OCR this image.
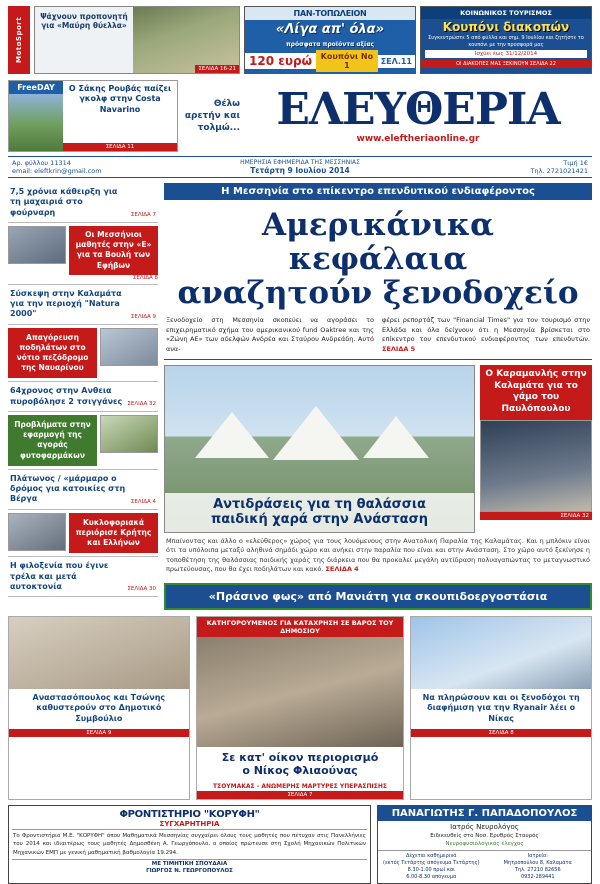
MotoSport
Ψάχνουν προπονητή για «Μαύρη θύελλα»
ΣΕΛΙΔΑ 16-21
ΠΑΝ-ΤΟΠΩΛΕΙΟΝ
«Λίγα απ' όλα»
πρόσφατα προϊόντα αξίας
120 ευρώ	Κουπόνι Νο 1	ΣΕΛ.11
ΚΟΙΝΩΝΙΚΟΣ ΤΟΥΡΙΣΜΟΣ
Κουπόνι διακοπών
Συγκεντρώστε 5 από φύλλα και σημ. 9 Ιουλίου και ζητήστε το κουπόνι με την προσφορά μας
Ισχύει έως 31/12/2014
ΟΙ ΔΙΑΚΟΠΕΣ ΜΑΣ ΞΕΚΙΝΟΥΝ ΣΕΛΙΔΑ 22
FreeDAY	Ο Σάκης Ρουβάς παίζει γκολφ στην Costa Navarino
ΣΕΛΙΔΑ 11
Θέλω αρετήν και τολμώ... ΕΛΕΥΘΕΡΙΑ
www.eleftheriaonline.gr
Αρ. φύλλου 11314
email: eleftkrin@gmail.com
ΗΜΕΡΗΣΙΑ ΕΦΗΜΕΡΙΔΑ ΤΗΣ ΜΕΣΣΗΝΙΑΣ
Τετάρτη 9 Ιουλίου 2014
Τιμή 1€
Τηλ. 2721021421
7,5 χρόνια κάθειρξη για τη μαχαιριά στο φούρναρη	ΣΕΛΙΔΑ 7
Οι Μεσσήνιοι μαθητές στην «Ε» για τα Βουλή των Εφήβων
ΣΕΛΙΔΑ 8
Σύσκεψη στην Καλαμάτα για την περιοχή "Natura 2000"	ΣΕΛΙΔΑ 9
Απαγόρευση ποδηλάτων στο νότιο πεζόδρομο της Ναυαρίνου
64χρονος στην Ανθεια πυροβόλησε 2 τσιγγάνες ΣΕΛΙΔΑ 32
Προβλήματα στην εφαρμογή της αγοράς φυτοφαρμάκων
Πλάτωνος / «μάρμαρο ο δρόμος για κατοικίες στη Βέργα	ΣΕΛΙΔΑ 4
Κυκλοφοριακά περιόρισε Κρήτης και Ελλήνων
Η φιλοξενία που έγινε τρέλα και μετά αυτοκτονία	ΣΕΛΙΔΑ 30
Η Μεσσηνία στο επίκεντρο επενδυτικού ενδιαφέροντος
Αμερικάνικα κεφάλαια
αναζητούν ξενοδοχείο
Ξενοδοχείο στη Μεσσηνία σκοπεύει να αγοράσει το επιχειρηματικό σχήμα του αμερικανικού fund Oaktree και της «Ζώνη ΑΕ» των αδελφών Ανδρέα και Σταύρου Ανδρεάδη. Αυτό ανα-
φέρει ρεπορτάζ των "Financial Times" για τον τουρισμό στην Ελλάδα και όλα δείχνουν ότι η Μεσσηνία βρίσκεται στο επίκεντρο του επενδυτικού ενδιαφέροντος των επενδυτών. ΣΕΛΙΔΑ 5
Αντιδράσεις για τη θαλάσσια
παιδική χαρά στην Ανάσταση
Ο Καραμανλής στην Καλαμάτα για το γάμο του Παυλόπουλου
ΣΕΛΙΔΑ 32
Μπαίνοντας και άλλο ο «ελεύθερος» χώρος για τους λουόμενους στην Ανατολική Παραλία της Καλαμάτας. Και η μπλόκιν είναι ότι τα υπόλοιπα μεταξύ αληθινά σημάδι χώρο και ανήκει στην παραλία που είναι και στην Ανάσταση. Στο χώρο αυτό ξεκίνησε η τοποθέτηση της θαλάσσιας παιδικής χαράς της διάρκεια που θα προκαλεί μεγάλη αντίδραση πολυαγαπώντας το μεταγνωστικό πρωτεύουσας, που θα έχει ποδηλάτων και κακό. ΣΕΛΙΔΑ 4
«Πράσινο φως» από Μανιάτη για σκουπιδοεργοστάσια
Αναστασόπουλος και Τσώνης καθυστερούν στο Δημοτικό Συμβούλιο
ΣΕΛΙΔΑ 9
ΚΑΤΗΓΟΡΟΥΜΕΝΟΣ ΓΙΑ ΚΑΤΑΧΡΗΣΗ ΣΕ ΒΑΡΟΣ ΤΟΥ ΔΗΜΟΣΙΟΥ
Σε κατ' οίκον περιορισμό
ο Νίκος Φλιαούνας
ΤΣΟΥΜΑΚΑΣ - ΑΝΩΜΕΡΗΣ ΜΑΡΤΥΡΕΣ ΥΠΕΡΑΣΠΙΣΗΣ
ΣΕΛΙΔΑ 7
Να πληρώσουν και οι ξενοδόχοι τη διαφήμιση για την Ryanair λέει ο Νίκας
ΣΕΛΙΔΑ 8
ΦΡΟΝΤΙΣΤΗΡΙΟ "ΚΟΡΥΦΗ"
ΣΥΓΧΑΡΗΤΗΡΙΑ
Το Φροντιστήριο Μ.Ε. "ΚΟΡΥΦΗ" όπου Μαθηματικά Μεσσηνίας συγχαίρει όλους τους μαθητές που πέτυχαν στις Πανελλήνιες του 2014 και ιδιαιτέρως τους μαθητές Δημοσθένη Α. Γεωργόπουλο, ο οποίος πρώτευσε στη Σχολή Μηχανικών Πολιτικών Μηχανικών ΕΜΠ με γενική μαθηματική βαθμολογία 19.294.
ΜΕ ΤΙΜΗΤΙΚΗ ΣΠΟΥΔΑΙΑ
ΓΙΩΡΓΟΣ Ν. ΓΕΩΡΓΟΠΟΥΛΟΣ
ΠΑΝΑΓΙΩΤΗΣ Γ. ΠΑΠΑΔΟΠΟΥΛΟΣ
Ιατρός Νευρολόγος
Ειδικευθείς στο Νοσ. Ερυθρός Σταυρός
Νευροφυσιολογικός έλεγχος
Δέχεται καθημερινά
(εκτός Τετάρτης απόγευμα Τετάρτης)
8.30-1.00 πρωί και
6.00-8.30 απόγευμα
Ιατρείο:
Μητροπούλου 8, Καλαμάτα
Τηλ. 27210 82656
0932-289441
